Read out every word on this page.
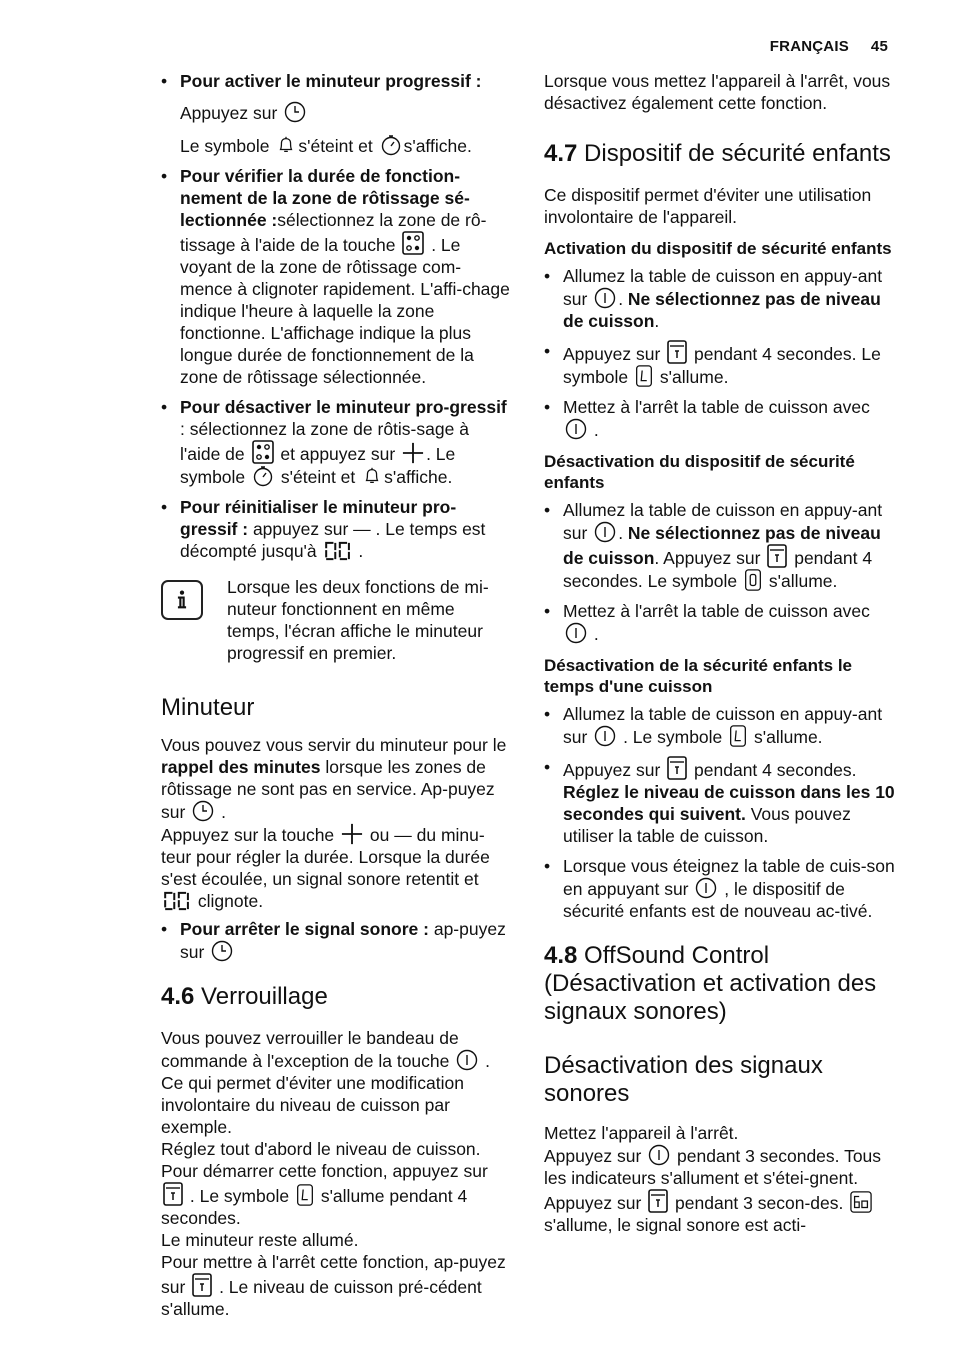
FRANÇAIS 45

• Pour activer le minuteur progressif :

Appuyez sur

Le symbole s'éteint et s'affiche.

• Pour vérifier la durée de fonction-nement de la zone de rôtissage sé-lectionnée :sélectionnez la zone de rô-tissage à l'aide de la touche . Le voyant de la zone de rôtissage com-mence à clignoter rapidement. L'affi-chage indique l'heure à laquelle la zone fonctionne. L'affichage indique la plus longue durée de fonctionnement de la zone de rôtissage sélectionnée.

• Pour désactiver le minuteur pro-gressif : sélectionnez la zone de rôtis-sage à l'aide de et appuyez sur . Le symbole s'éteint et s'affiche.

• Pour réinitialiser le minuteur pro-gressif : appuyez sur — . Le temps est décompté jusqu'à .

Lorsque les deux fonctions de mi-nuteur fonctionnent en même temps, l'écran affiche le minuteur progressif en premier.

Minuteur

Vous pouvez vous servir du minuteur pour le rappel des minutes lorsque les zones de rôtissage ne sont pas en service. Ap-puyez sur .

Appuyez sur la touche ou — du minu-teur pour régler la durée. Lorsque la durée s'est écoulée, un signal sonore retentit et  clignote.

• Pour arrêter le signal sonore : ap-puyez sur

4.6 Verrouillage

Vous pouvez verrouiller le bandeau de commande à l'exception de la touche . Ce qui permet d'éviter une modification involontaire du niveau de cuisson par exemple.

Réglez tout d'abord le niveau de cuisson. Pour démarrer cette fonction, appuyez sur  . Le symbole s'allume pendant 4 secondes.

Le minuteur reste allumé.

Pour mettre à l'arrêt cette fonction, ap-puyez sur . Le niveau de cuisson pré-cédent s'allume.

Lorsque vous mettez l'appareil à l'arrêt, vous désactivez également cette fonction.

4.7 Dispositif de sécurité enfants

Ce dispositif permet d'éviter une utilisation involontaire de l'appareil.

Activation du dispositif de sécurité enfants

• Allumez la table de cuisson en appuy-ant sur . Ne sélectionnez pas de niveau de cuisson.

• Appuyez sur pendant 4 secondes. Le symbole s'allume.

• Mettez à l'arrêt la table de cuisson avec  .

Désactivation du dispositif de sécurité enfants

• Allumez la table de cuisson en appuy-ant sur . Ne sélectionnez pas de niveau de cuisson. Appuyez sur pendant 4 secondes. Le symbole s'allume.

• Mettez à l'arrêt la table de cuisson avec  .

Désactivation de la sécurité enfants le temps d'une cuisson

• Allumez la table de cuisson en appuy-ant sur . Le symbole s'allume.

• Appuyez sur pendant 4 secondes. Réglez le niveau de cuisson dans les 10 secondes qui suivent. Vous pouvez utiliser la table de cuisson.

• Lorsque vous éteignez la table de cuis-son en appuyant sur , le dispositif de sécurité enfants est de nouveau ac-tivé.

4.8 OffSound Control (Désactivation et activation des signaux sonores)
Désactivation des signaux sonores

Mettez l'appareil à l'arrêt.

Appuyez sur pendant 3 secondes. Tous les indicateurs s'allument et s'étei-gnent. Appuyez sur pendant 3 secon-des.  s'allume, le signal sonore est acti-
